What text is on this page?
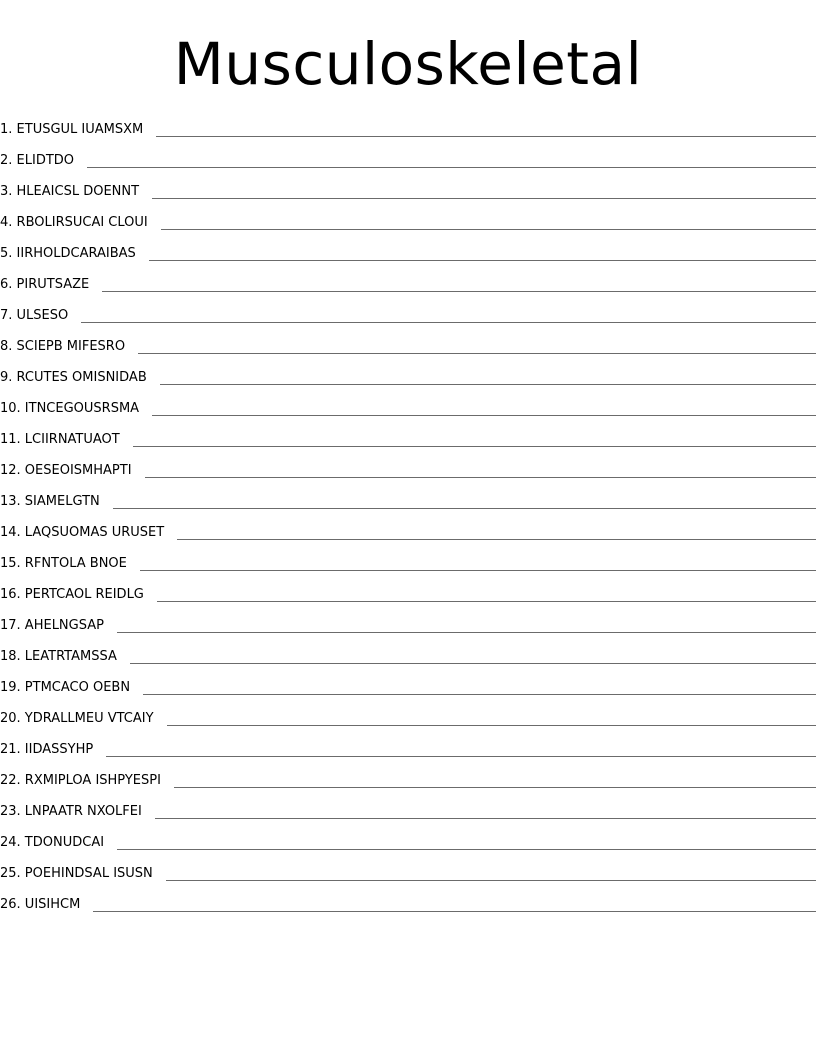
Musculoskeletal
1. ETUSGUL IUAMSXM
2. ELIDTDO
3. HLEAICSL DOENNT
4. RBOLIRSUCAI CLOUI
5. IIRHOLDCARAIBAS
6. PIRUTSAZE
7. ULSESO
8. SCIEPB MIFESRO
9. RCUTES OMISNIDAB
10. ITNCEGOUSRSMA
11. LCIIRNATUAOT
12. OESEOISMHAPTI
13. SIAMELGTN
14. LAQSUOMAS URUSET
15. RFNTOLA BNOE
16. PERTCAOL REIDLG
17. AHELNGSAP
18. LEATRTAMSSA
19. PTMCACO OEBN
20. YDRALLMEU VTCAIY
21. IIDASSYHP
22. RXMIPLOA ISHPYESPI
23. LNPAATR NXOLFEI
24. TDONUDCAI
25. POEHINDSAL ISUSN
26. UISIHCM
